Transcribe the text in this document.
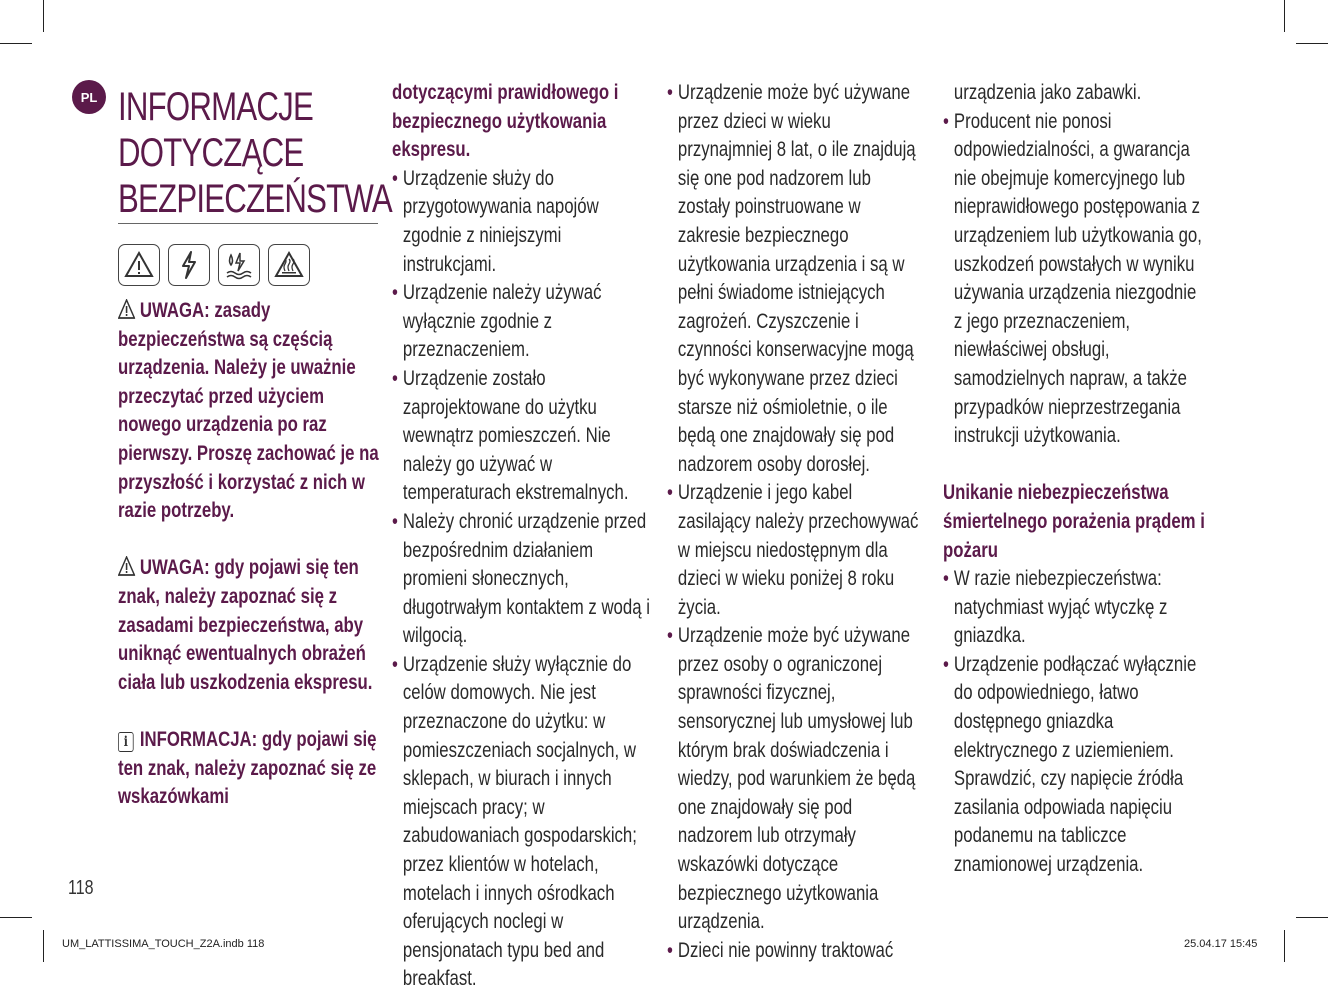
PL INFORMACJE
DOTYCZĄCE
BEZPIECZEŃSTWA

UWAGA: zasady bezpieczeństwa są częścią urządzenia. Należy je uważnie przeczytać przed użyciem nowego urządzenia po raz pierwszy. Proszę zachować je na przyszłość i korzystać z nich w razie potrzeby.

UWAGA: gdy pojawi się ten znak, należy zapoznać się z zasadami bezpieczeństwa, aby uniknąć ewentualnych obrażeń ciała lub uszkodzenia ekspresu.

i INFORMACJA: gdy pojawi się ten znak, należy zapoznać się ze wskazówkami

dotyczącymi prawidłowego i bezpiecznego użytkowania ekspresu.

• Urządzenie służy do przygotowywania napojów zgodnie z niniejszymi instrukcjami.
• Urządzenie należy używać wyłącznie zgodnie z przeznaczeniem.
• Urządzenie zostało zaprojektowane do użytku wewnątrz pomieszczeń. Nie należy go używać w temperaturach ekstremalnych.
• Należy chronić urządzenie przed bezpośrednim działaniem promieni słonecznych, długotrwałym kontaktem z wodą i wilgocią.
• Urządzenie służy wyłącznie do celów domowych. Nie jest przeznaczone do użytku: w pomieszczeniach socjalnych, w sklepach, w biurach i innych miejscach pracy; w zabudowaniach gospodarskich; przez klientów w hotelach, motelach i innych ośrodkach oferujących noclegi w pensjonatach typu bed and breakfast.
• Urządzenie może być używane przez dzieci w wieku przynajmniej 8 lat, o ile znajdują się one pod nadzorem lub zostały poinstruowane w zakresie bezpiecznego użytkowania urządzenia i są w pełni świadome istniejących zagrożeń. Czyszczenie i czynności konserwacyjne mogą być wykonywane przez dzieci starsze niż ośmioletnie, o ile będą one znajdowały się pod nadzorem osoby dorosłej.
• Urządzenie i jego kabel zasilający należy przechowywać w miejscu niedostępnym dla dzieci w wieku poniżej 8 roku życia.
• Urządzenie może być używane przez osoby o ograniczonej sprawności fizycznej, sensorycznej lub umysłowej lub którym brak doświadczenia i wiedzy, pod warunkiem że będą one znajdowały się pod nadzorem lub otrzymały wskazówki dotyczące bezpiecznego użytkowania urządzenia.
• Dzieci nie powinny traktować

urządzenia jako zabawki.

• Producent nie ponosi odpowiedzialności, a gwarancja nie obejmuje komercyjnego lub nieprawidłowego postępowania z urządzeniem lub użytkowania go, uszkodzeń powstałych w wyniku używania urządzenia niezgodnie z jego przeznaczeniem, niewłaściwej obsługi, samodzielnych napraw, a także przypadków nieprzestrzegania instrukcji użytkowania.

Unikanie niebezpieczeństwa śmiertelnego porażenia prądem i pożaru

• W razie niebezpieczeństwa: natychmiast wyjąć wtyczkę z gniazdka.
• Urządzenie podłączać wyłącznie do odpowiedniego, łatwo dostępnego gniazdka elektrycznego z uziemieniem. Sprawdzić, czy napięcie źródła zasilania odpowiada napięciu podanemu na tabliczce znamionowej urządzenia.
118
UM_LATTISSIMA_TOUCH_Z2A.indb 118	25.04.17 15:45
